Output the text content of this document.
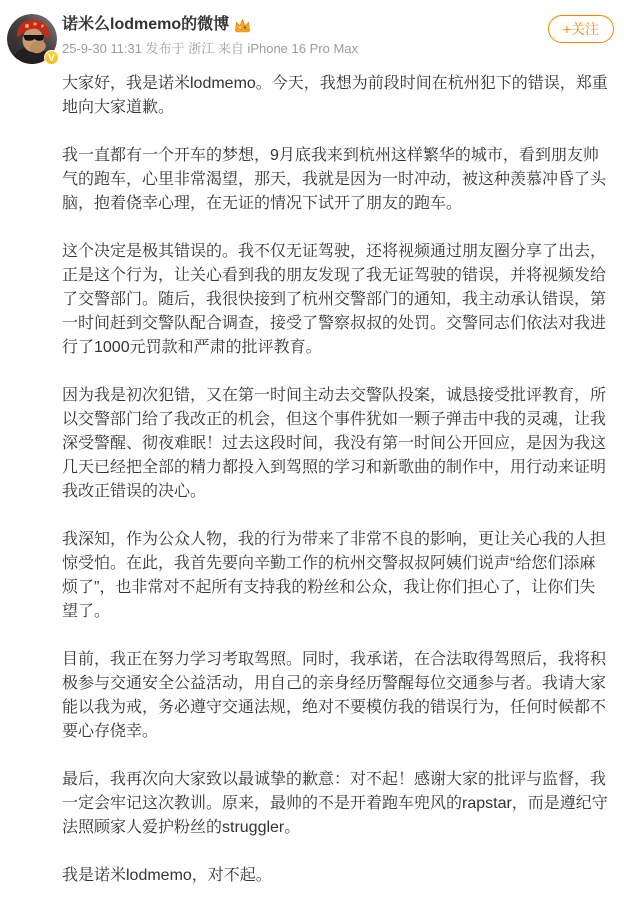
V
诺米么lodmemo的微博
25-9-30 11:31 发布于 浙江 来自 iPhone 16 Pro Max
+关注

大家好，我是诺米lodmemo。今天，我想为前段时间在杭州犯下的错误，郑重地向大家道歉。

我一直都有一个开车的梦想，9月底我来到杭州这样繁华的城市，看到朋友帅气的跑车，心里非常渴望，那天，我就是因为一时冲动，被这种羡慕冲昏了头脑，抱着侥幸心理，在无证的情况下试开了朋友的跑车。

这个决定是极其错误的。我不仅无证驾驶，还将视频通过朋友圈分享了出去，正是这个行为，让关心看到我的朋友发现了我无证驾驶的错误，并将视频发给了交警部门。随后，我很快接到了杭州交警部门的通知，我主动承认错误，第一时间赶到交警队配合调查，接受了警察叔叔的处罚。交警同志们依法对我进行了1000元罚款和严肃的批评教育。

因为我是初次犯错，又在第一时间主动去交警队投案，诚恳接受批评教育，所以交警部门给了我改正的机会，但这个事件犹如一颗子弹击中我的灵魂，让我深受警醒、彻夜难眠！过去这段时间，我没有第一时间公开回应，是因为我这几天已经把全部的精力都投入到驾照的学习和新歌曲的制作中，用行动来证明我改正错误的决心。

我深知，作为公众人物，我的行为带来了非常不良的影响，更让关心我的人担惊受怕。在此，我首先要向辛勤工作的杭州交警叔叔阿姨们说声“给您们添麻烦了”，也非常对不起所有支持我的粉丝和公众，我让你们担心了，让你们失望了。

目前，我正在努力学习考取驾照。同时，我承诺，在合法取得驾照后，我将积极参与交通安全公益活动，用自己的亲身经历警醒每位交通参与者。我请大家能以我为戒，务必遵守交通法规，绝对不要模仿我的错误行为，任何时候都不要心存侥幸。

最后，我再次向大家致以最诚挚的歉意：对不起！感谢大家的批评与监督，我一定会牢记这次教训。原来，最帅的不是开着跑车兜风的rapstar，而是遵纪守法照顾家人爱护粉丝的struggler。

我是诺米lodmemo，对不起。
